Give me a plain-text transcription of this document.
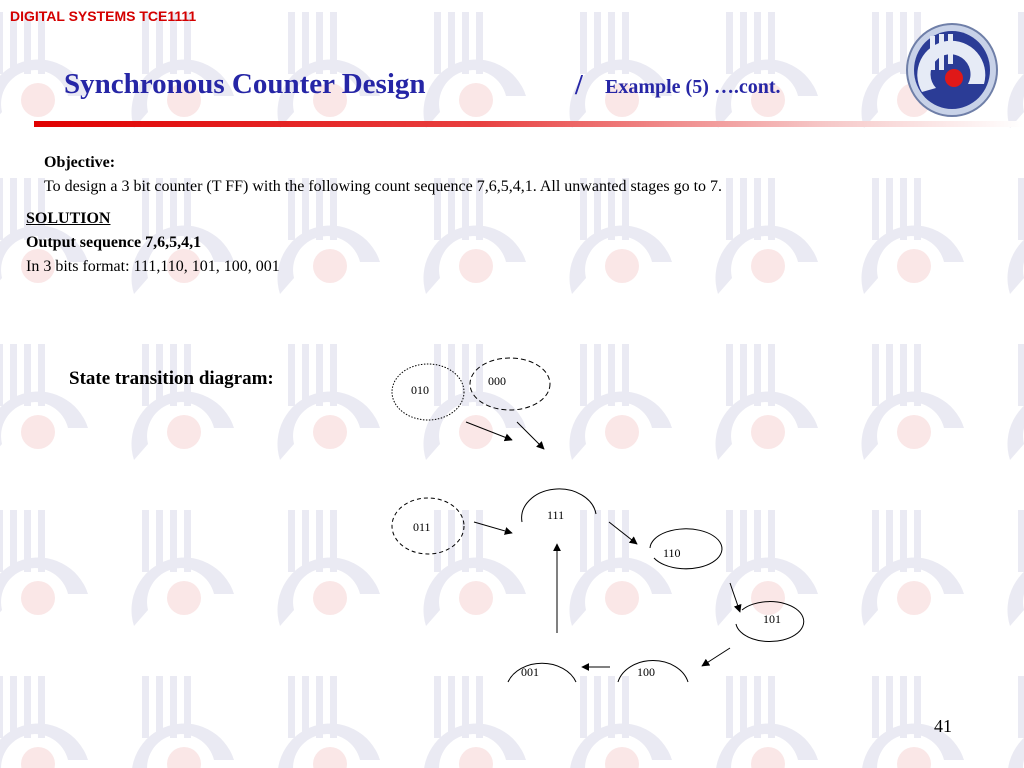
DIGITAL SYSTEMS TCE1111
Synchronous Counter Design	/ Example (5) ….cont.
Objective:
To design a 3 bit counter (T FF) with the following count sequence 7,6,5,4,1. All unwanted stages go to 7.
SOLUTION
Output sequence 7,6,5,4,1
In 3 bits format: 111,110, 101, 100, 001
State transition diagram:
010
000
011
111
110
101
001	100
41
